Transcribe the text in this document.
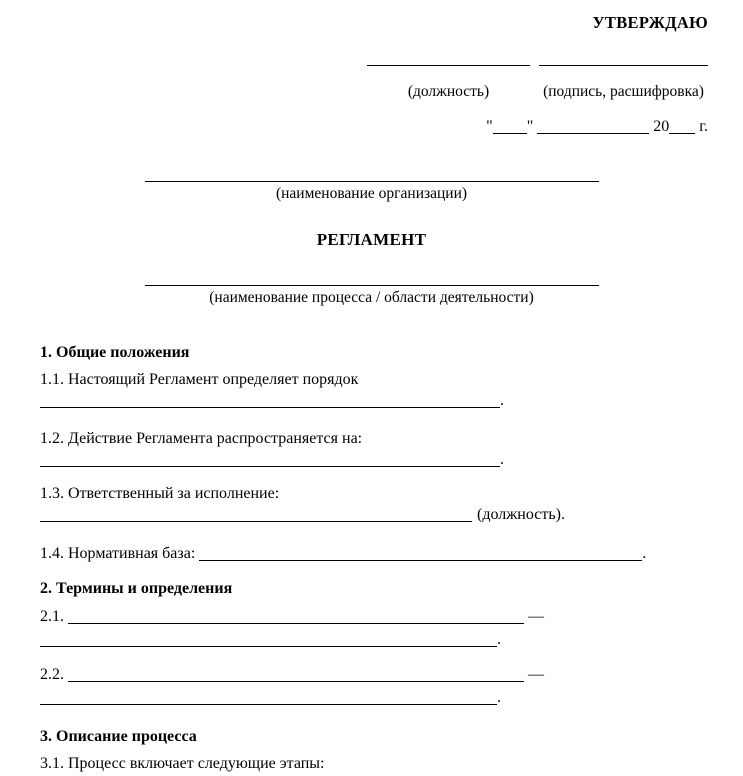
УТВЕРЖДАЮ
(должность)	(подпись, расшифровка)
" "	20 г.
(наименование организации)
РЕГЛАМЕНТ
(наименование процесса / области деятельности)

1. Общие положения

1.1. Настоящий Регламент определяет порядок

.

1.2. Действие Регламента распространяется на:

.

1.3. Ответственный за исполнение:

(должность).

1.4. Нормативная база:	.

2. Термины и определения

2.1.	—

.

2.2.	—

.

3. Описание процесса

3.1. Процесс включает следующие этапы:
